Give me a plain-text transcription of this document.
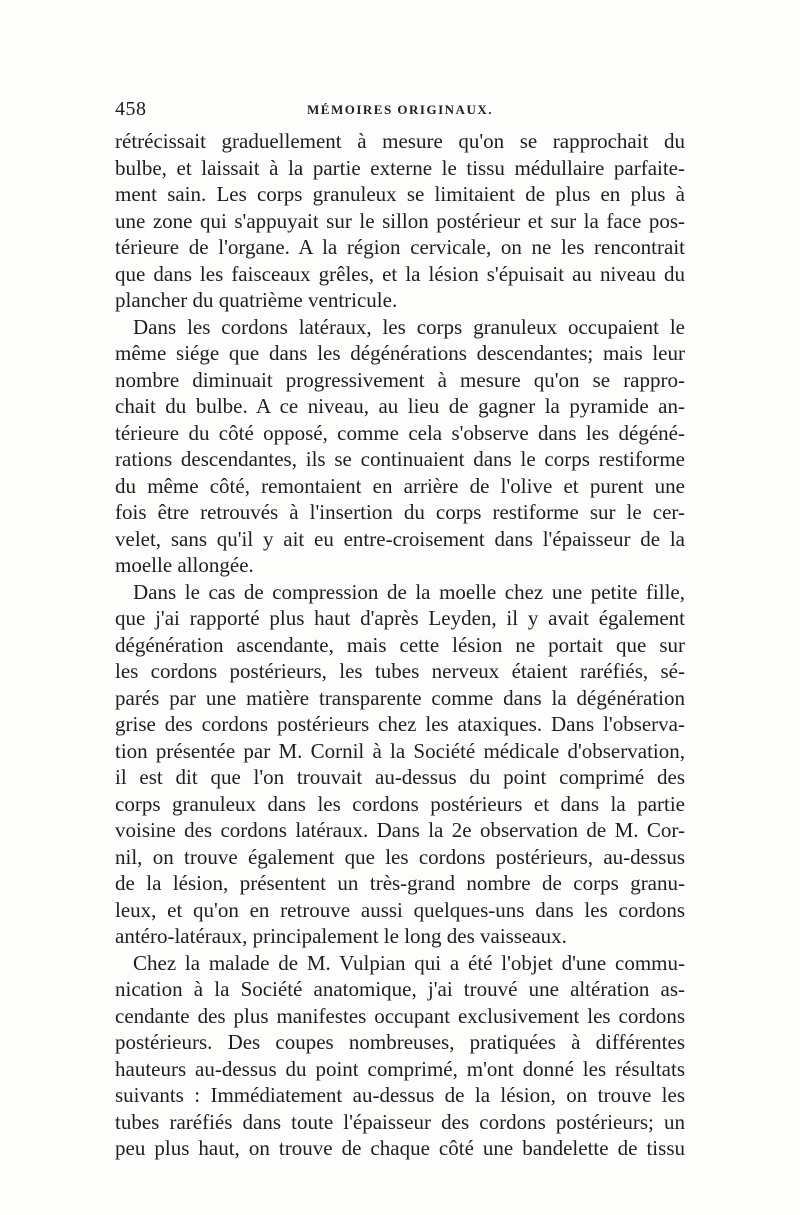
458	MÉMOIRES ORIGINAUX.
rétrécissait graduellement à mesure qu'on se rapprochait du
bulbe, et laissait à la partie externe le tissu médullaire parfaite-
ment sain. Les corps granuleux se limitaient de plus en plus à
une zone qui s'appuyait sur le sillon postérieur et sur la face pos-
térieure de l'organe. A la région cervicale, on ne les rencontrait
que dans les faisceaux grêles, et la lésion s'épuisait au niveau du
plancher du quatrième ventricule.
Dans les cordons latéraux, les corps granuleux occupaient le
même siége que dans les dégénérations descendantes; mais leur
nombre diminuait progressivement à mesure qu'on se rappro-
chait du bulbe. A ce niveau, au lieu de gagner la pyramide an-
térieure du côté opposé, comme cela s'observe dans les dégéné-
rations descendantes, ils se continuaient dans le corps restiforme
du même côté, remontaient en arrière de l'olive et purent une
fois être retrouvés à l'insertion du corps restiforme sur le cer-
velet, sans qu'il y ait eu entre-croisement dans l'épaisseur de la
moelle allongée.
Dans le cas de compression de la moelle chez une petite fille,
que j'ai rapporté plus haut d'après Leyden, il y avait également
dégénération ascendante, mais cette lésion ne portait que sur
les cordons postérieurs, les tubes nerveux étaient raréfiés, sé-
parés par une matière transparente comme dans la dégénération
grise des cordons postérieurs chez les ataxiques. Dans l'observa-
tion présentée par M. Cornil à la Société médicale d'observation,
il est dit que l'on trouvait au-dessus du point comprimé des
corps granuleux dans les cordons postérieurs et dans la partie
voisine des cordons latéraux. Dans la 2e observation de M. Cor-
nil, on trouve également que les cordons postérieurs, au-dessus
de la lésion, présentent un très-grand nombre de corps granu-
leux, et qu'on en retrouve aussi quelques-uns dans les cordons
antéro-latéraux, principalement le long des vaisseaux.
Chez la malade de M. Vulpian qui a été l'objet d'une commu-
nication à la Société anatomique, j'ai trouvé une altération as-
cendante des plus manifestes occupant exclusivement les cordons
postérieurs. Des coupes nombreuses, pratiquées à différentes
hauteurs au-dessus du point comprimé, m'ont donné les résultats
suivants : Immédiatement au-dessus de la lésion, on trouve les
tubes raréfiés dans toute l'épaisseur des cordons postérieurs; un
peu plus haut, on trouve de chaque côté une bandelette de tissu
